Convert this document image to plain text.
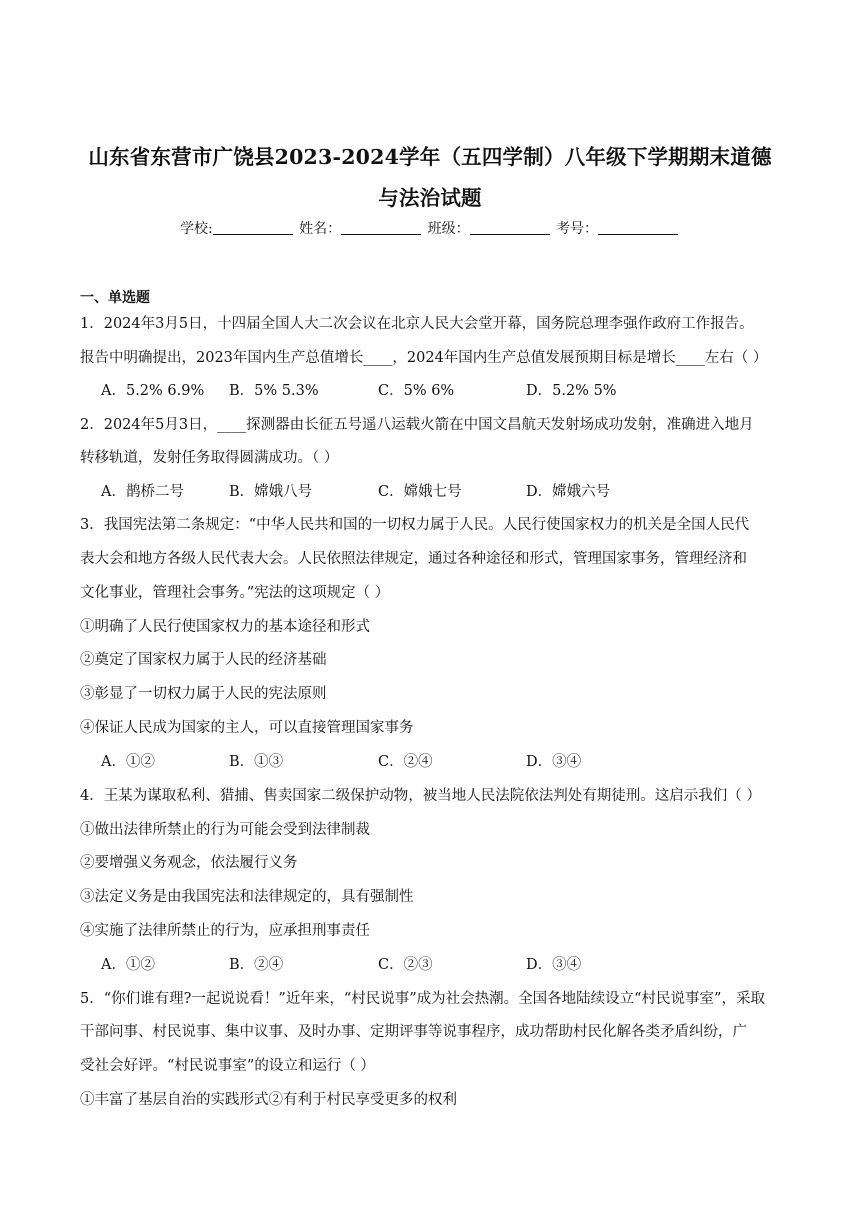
山东省东营市广饶县2023-2024学年（五四学制）八年级下学期期末道德
与法治试题
学校:	姓名：	班级：	考号：
一、单选题
1．2024年3月5日，十四届全国人大二次会议在北京人民大会堂开幕，国务院总理李强作政府工作报告。
报告中明确提出，2023年国内生产总值增长____，2024年国内生产总值发展预期目标是增长____左右（ ）
A．5.2% 6.9% B．5% 5.3%	C．5% 6%	D．5.2% 5%
2．2024年5月3日，____探测器由长征五号遥八运载火箭在中国文昌航天发射场成功发射，准确进入地月
转移轨道，发射任务取得圆满成功。（ ）
A．鹊桥二号	B．嫦娥八号	C．嫦娥七号	D．嫦娥六号
3．我国宪法第二条规定：“中华人民共和国的一切权力属于人民。人民行使国家权力的机关是全国人民代
表大会和地方各级人民代表大会。人民依照法律规定，通过各种途径和形式，管理国家事务，管理经济和
文化事业，管理社会事务。”宪法的这项规定（ ）
①明确了人民行使国家权力的基本途径和形式
②奠定了国家权力属于人民的经济基础
③彰显了一切权力属于人民的宪法原则
④保证人民成为国家的主人，可以直接管理国家事务
A．①②	B．①③	C．②④	D．③④
4．王某为谋取私利、猎捕、售卖国家二级保护动物，被当地人民法院依法判处有期徒刑。这启示我们（ ）
①做出法律所禁止的行为可能会受到法律制裁
②要增强义务观念，依法履行义务
③法定义务是由我国宪法和法律规定的，具有强制性
④实施了法律所禁止的行为，应承担刑事责任
A．①②	B．②④	C．②③	D．③④
5．“你们谁有理?一起说说看！”近年来，“村民说事”成为社会热潮。全国各地陆续设立“村民说事室”，采取
干部问事、村民说事、集中议事、及时办事、定期评事等说事程序，成功帮助村民化解各类矛盾纠纷，广
受社会好评。“村民说事室”的设立和运行（ ）
①丰富了基层自治的实践形式②有利于村民享受更多的权利
